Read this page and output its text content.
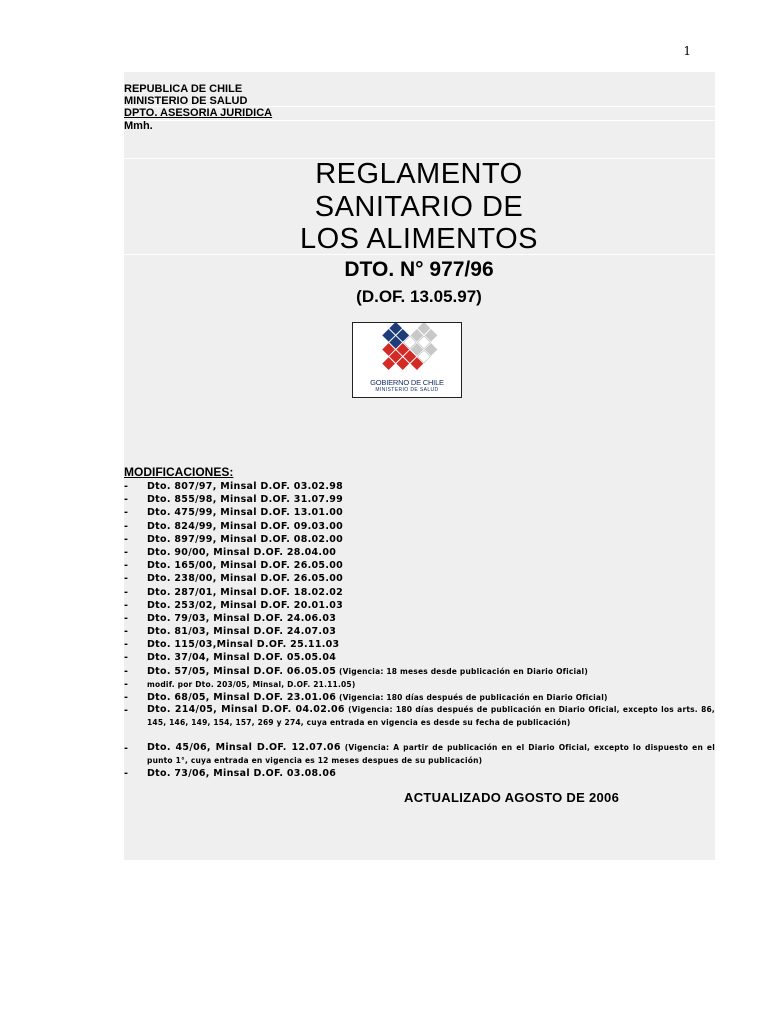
1
REPUBLICA DE CHILE
MINISTERIO DE SALUD
DPTO. ASESORIA JURIDICA
Mmh.
REGLAMENTO
SANITARIO DE
LOS ALIMENTOS
DTO. N° 977/96
(D.OF. 13.05.97)
GOBIERNO DE CHILE
MINISTERIO DE SALUD
MODIFICACIONES:
- Dto. 807/97, Minsal D.OF. 03.02.98
- Dto. 855/98, Minsal D.OF. 31.07.99
- Dto. 475/99, Minsal D.OF. 13.01.00
- Dto. 824/99, Minsal D.OF. 09.03.00
- Dto. 897/99, Minsal D.OF. 08.02.00
- Dto. 90/00, Minsal D.OF. 28.04.00
- Dto. 165/00, Minsal D.OF. 26.05.00
- Dto. 238/00, Minsal D.OF. 26.05.00
- Dto. 287/01, Minsal D.OF. 18.02.02
- Dto. 253/02, Minsal D.OF. 20.01.03
- Dto. 79/03, Minsal D.OF. 24.06.03
- Dto. 81/03, Minsal D.OF. 24.07.03
- Dto. 115/03,Minsal D.OF. 25.11.03
- Dto. 37/04, Minsal D.OF. 05.05.04
- Dto. 57/05, Minsal D.OF. 06.05.05 (Vigencia: 18 meses desde publicación en Diario Oficial)
-	modif. por Dto. 203/05, Minsal, D.OF. 21.11.05)
- Dto. 68/05, Minsal D.OF. 23.01.06 (Vigencia: 180 días después de publicación en Diario Oficial)
- Dto. 214/05, Minsal D.OF. 04.02.06 (Vigencia: 180 días después de publicación en Diario Oficial, excepto los arts. 86, 145, 146, 149, 154, 157, 269 y 274, cuya entrada en vigencia es desde su fecha de publicación)
- Dto. 45/06, Minsal D.OF. 12.07.06 (Vigencia: A partir de publicación en el Diario Oficial, excepto lo dispuesto en el punto 1°, cuya entrada en vigencia es 12 meses despues de su publicación)
- Dto. 73/06, Minsal D.OF. 03.08.06
ACTUALIZADO AGOSTO DE 2006
